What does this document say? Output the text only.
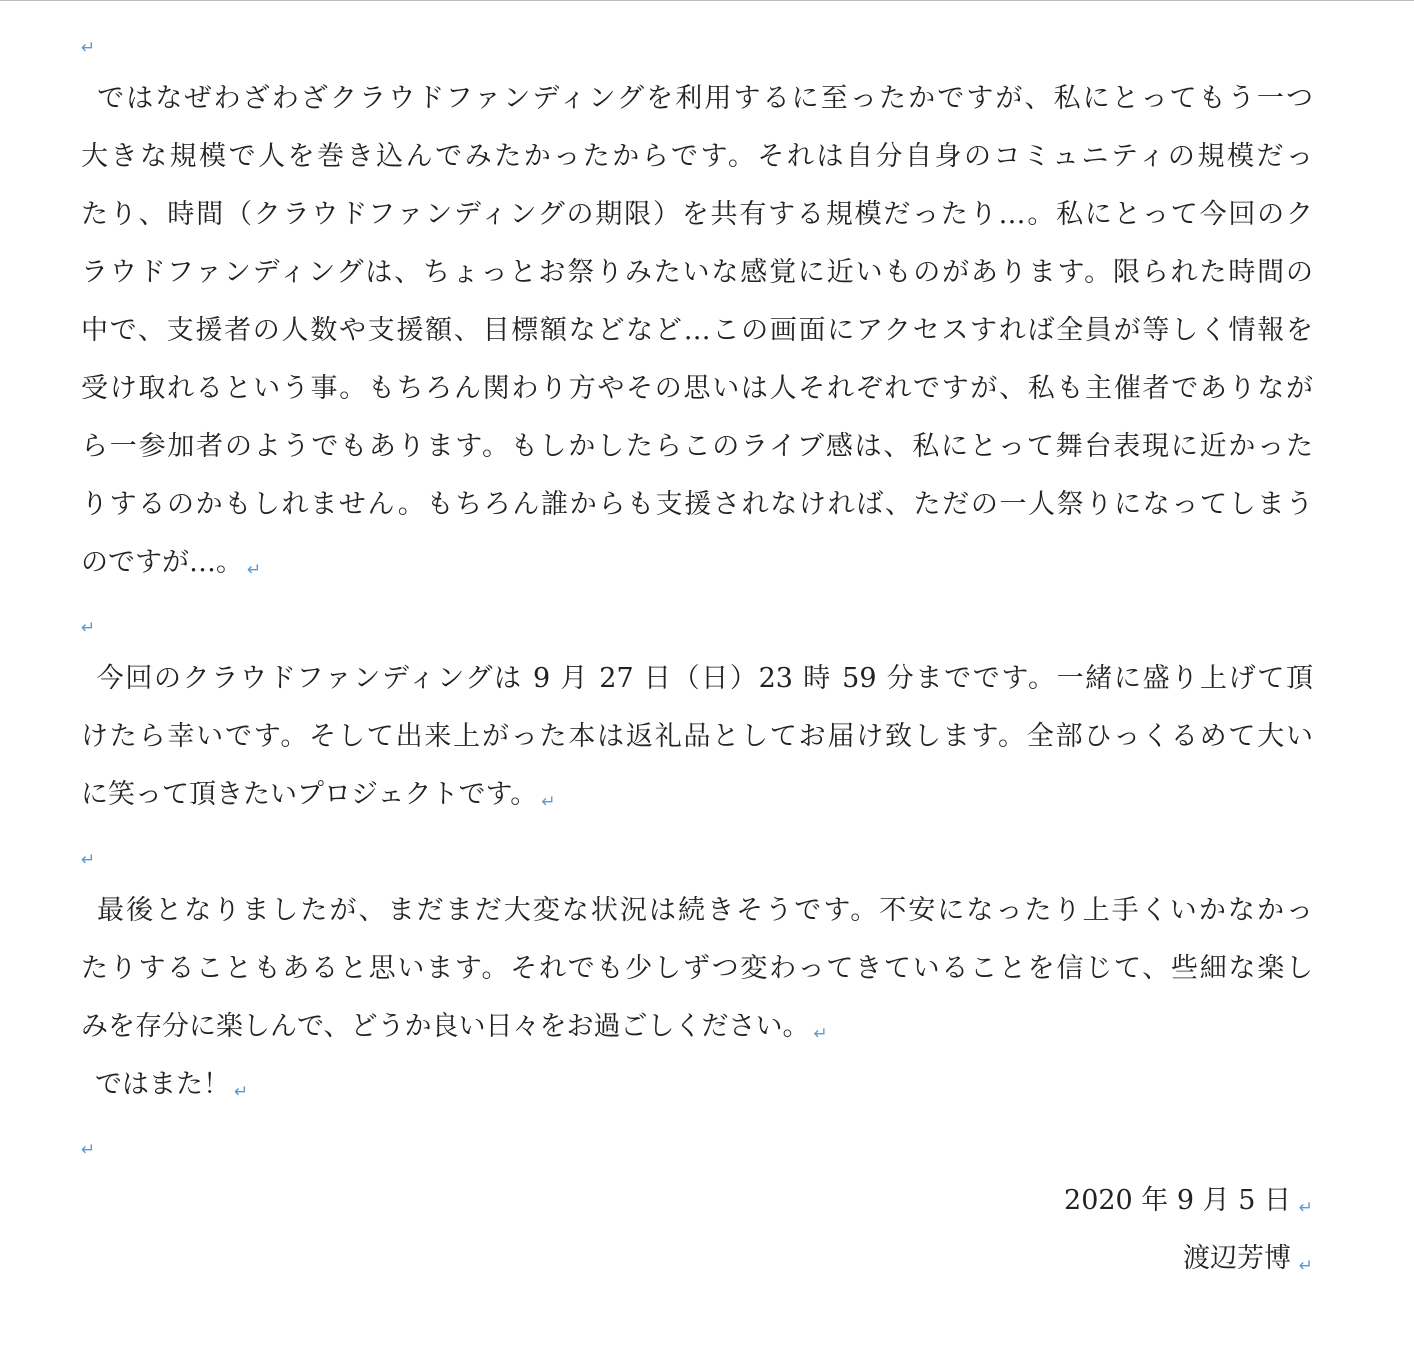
↵
ではなぜわざわざクラウドファンディングを利用するに至ったかですが、私にとってもう一つ
大きな規模で人を巻き込んでみたかったからです。それは自分自身のコミュニティの規模だっ
たり、時間（クラウドファンディングの期限）を共有する規模だったり…。私にとって今回のク
ラウドファンディングは、ちょっとお祭りみたいな感覚に近いものがあります。限られた時間の
中で、支援者の人数や支援額、目標額などなど…この画面にアクセスすれば全員が等しく情報を
受け取れるという事。もちろん関わり方やその思いは人それぞれですが、私も主催者でありなが
ら一参加者のようでもあります。もしかしたらこのライブ感は、私にとって舞台表現に近かった
りするのかもしれません。もちろん誰からも支援されなければ、ただの一人祭りになってしまう
のですが…。 ↵
↵
今回のクラウドファンディングは 9 月 27 日（日）23 時 59 分までです。一緒に盛り上げて頂
けたら幸いです。そして出来上がった本は返礼品としてお届け致します。全部ひっくるめて大い
に笑って頂きたいプロジェクトです。 ↵
↵
最後となりましたが、まだまだ大変な状況は続きそうです。不安になったり上手くいかなかっ
たりすることもあると思います。それでも少しずつ変わってきていることを信じて、些細な楽し
みを存分に楽しんで、どうか良い日々をお過ごしください。 ↵
ではまた！ ↵
↵
2020 年 9 月 5 日 ↵
渡辺芳博 ↵
